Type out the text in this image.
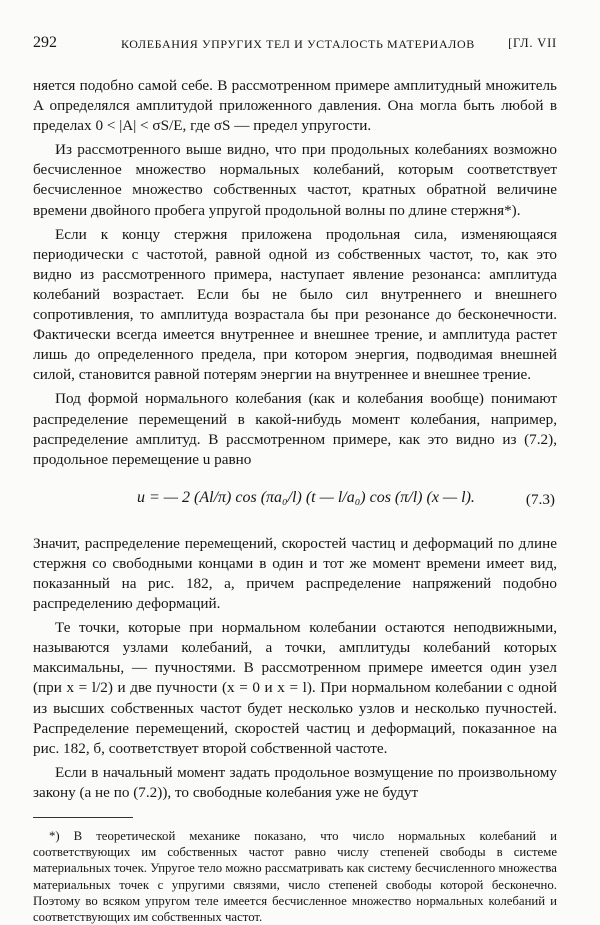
292	КОЛЕБАНИЯ УПРУГИХ ТЕЛ И УСТАЛОСТЬ МАТЕРИАЛОВ	[ГЛ. VII

няется подобно самой себе. В рассмотренном примере амплитудный множитель A определялся амплитудой приложенного давления. Она могла быть любой в пределах 0 < |A| < σS/E, где σS — предел упругости.

Из рассмотренного выше видно, что при продольных колебаниях возможно бесчисленное множество нормальных колебаний, которым соответствует бесчисленное множество собственных частот, кратных обратной величине времени двойного пробега упругой продольной волны по длине стержня*).

Если к концу стержня приложена продольная сила, изменяющаяся периодически с частотой, равной одной из собственных частот, то, как это видно из рассмотренного примера, наступает явление резонанса: амплитуда колебаний возрастает. Если бы не было сил внутреннего и внешнего сопротивления, то амплитуда возрастала бы при резонансе до бесконечности. Фактически всегда имеется внутреннее и внешнее трение, и амплитуда растет лишь до определенного предела, при котором энергия, подводимая внешней силой, становится равной потерям энергии на внутреннее и внешнее трение.

Под формой нормального колебания (как и колебания вообще) понимают распределение перемещений в какой-нибудь момент колебания, например, распределение амплитуд. В рассмотренном примере, как это видно из (7.2), продольное перемещение u равно

u = — 2 (Al/π) cos (πa₀/l) (t — l/a₀) cos (π/l) (x — l).	(7.3)

Значит, распределение перемещений, скоростей частиц и деформаций по длине стержня со свободными концами в один и тот же момент времени имеет вид, показанный на рис. 182, а, причем распределение напряжений подобно распределению деформаций.

Те точки, которые при нормальном колебании остаются неподвижными, называются узлами колебаний, а точки, амплитуды колебаний которых максимальны, — пучностями. В рассмотренном примере имеется один узел (при x = l/2) и две пучности (x = 0 и x = l). При нормальном колебании с одной из высших собственных частот будет несколько узлов и несколько пучностей. Распределение перемещений, скоростей частиц и деформаций, показанное на рис. 182, б, соответствует второй собственной частоте.

Если в начальный момент задать продольное возмущение по произвольному закону (а не по (7.2)), то свободные колебания уже не будут

*) В теоретической механике показано, что число нормальных колебаний и соответствующих им собственных частот равно числу степеней свободы в системе материальных точек. Упругое тело можно рассматривать как систему бесчисленного множества материальных точек с упругими связями, число степеней свободы которой бесконечно. Поэтому во всяком упругом теле имеется бесчисленное множество нормальных колебаний и соответствующих им собственных частот.
